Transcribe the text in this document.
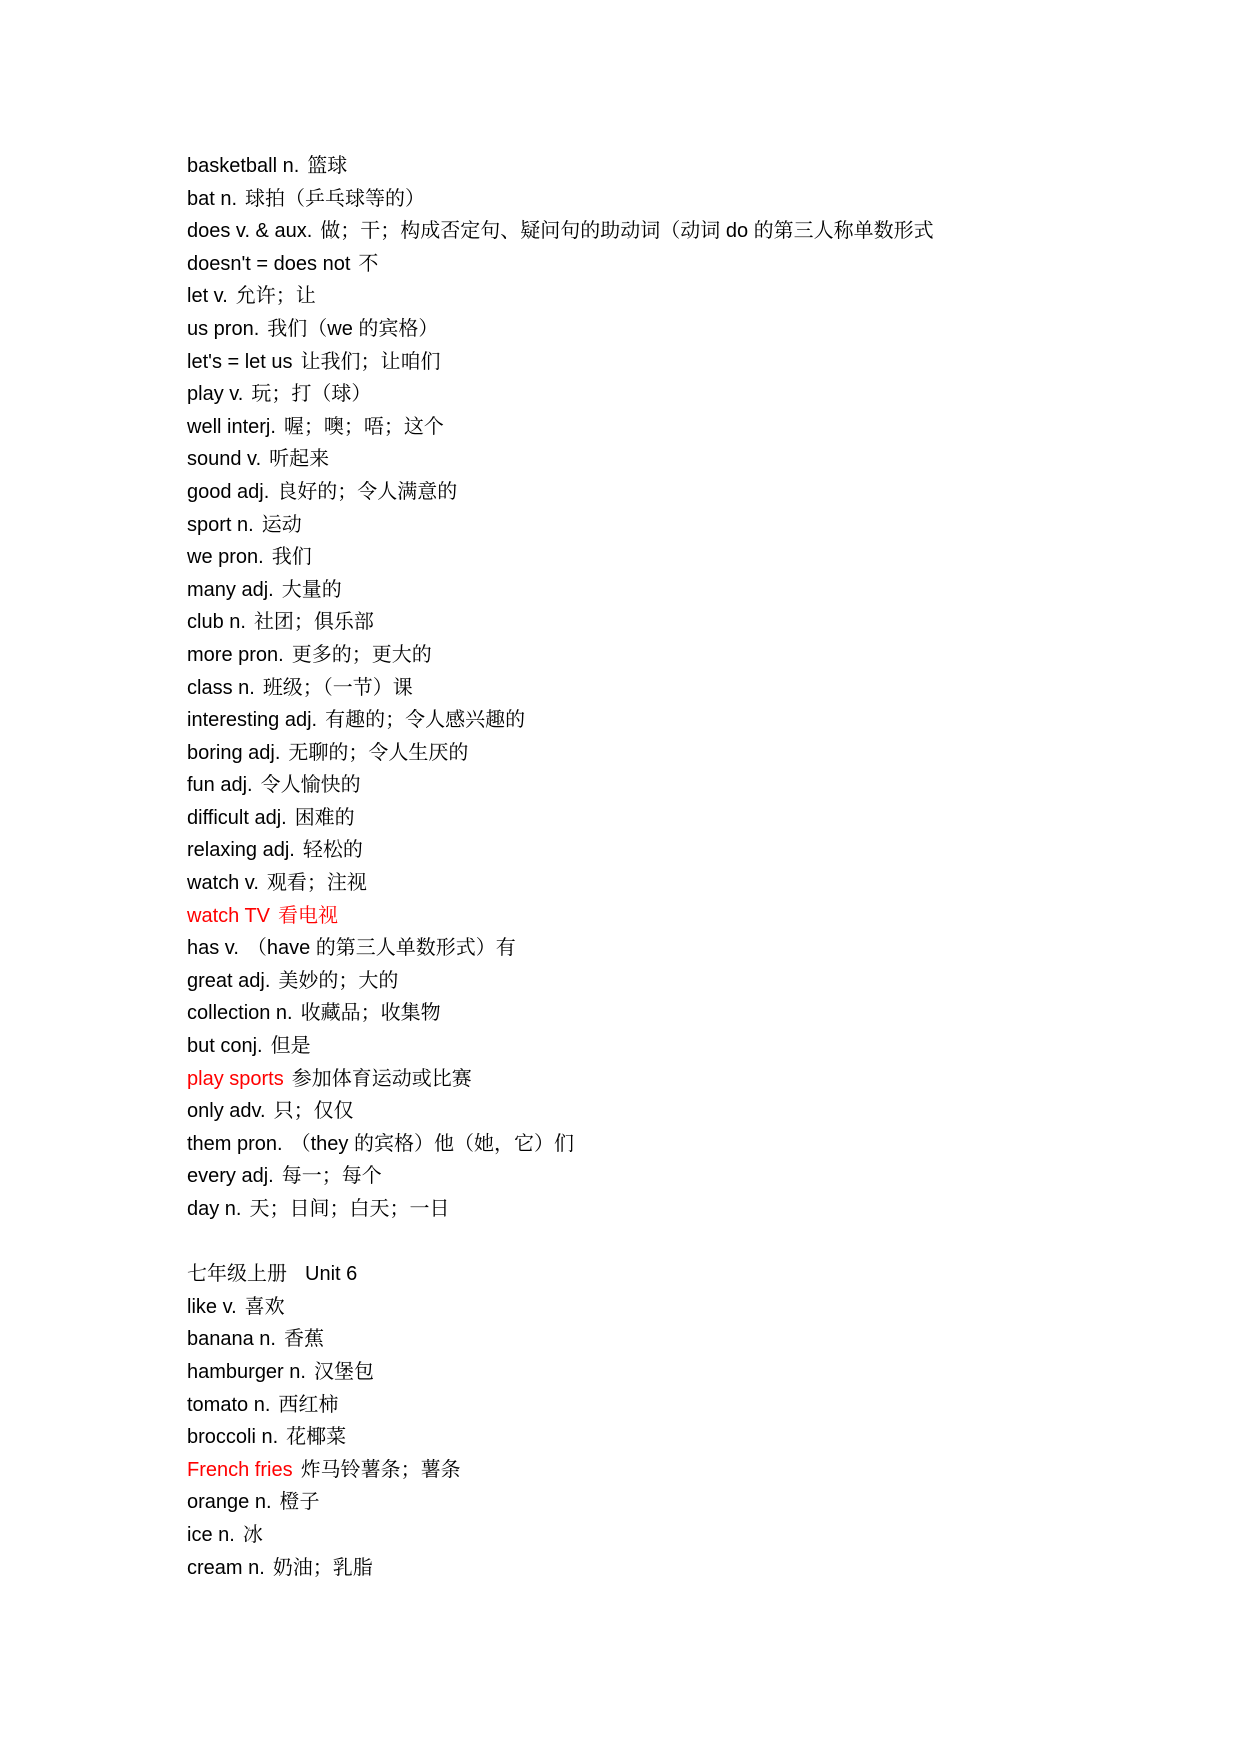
basketball n. 篮球
bat n. 球拍（乒乓球等的）
does v. & aux. 做；干；构成否定句、疑问句的助动词（动词 do 的第三人称单数形式
doesn't = does not 不
let v. 允许；让
us pron. 我们（we 的宾格）
let's = let us 让我们；让咱们
play v. 玩；打（球）
well interj. 喔；噢；唔；这个
sound v. 听起来
good adj. 良好的；令人满意的
sport n. 运动
we pron. 我们
many adj. 大量的
club n. 社团；俱乐部
more pron. 更多的；更大的
class n. 班级；（一节）课
interesting adj. 有趣的；令人感兴趣的
boring adj. 无聊的；令人生厌的
fun adj. 令人愉快的
difficult adj. 困难的
relaxing adj. 轻松的
watch v. 观看；注视
watch TV 看电视
has v. （have 的第三人单数形式）有
great adj. 美妙的；大的
collection n. 收藏品；收集物
but conj. 但是
play sports 参加体育运动或比赛
only adv. 只；仅仅
them pron. （they 的宾格）他（她，它）们
every adj. 每一；每个
day n. 天；日间；白天；一日
七年级上册 Unit 6
like v. 喜欢
banana n. 香蕉
hamburger n. 汉堡包
tomato n. 西红柿
broccoli n. 花椰菜
French fries 炸马铃薯条；薯条
orange n. 橙子
ice n. 冰
cream n. 奶油；乳脂
